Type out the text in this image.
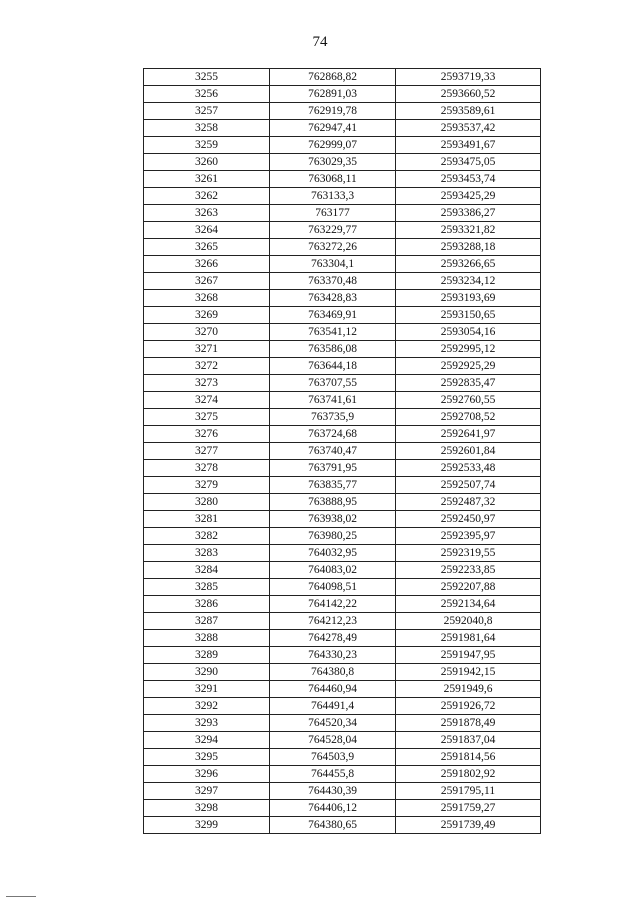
74
3255	762868,82	2593719,33
3256	762891,03	2593660,52
3257	762919,78	2593589,61
3258	762947,41	2593537,42
3259	762999,07	2593491,67
3260	763029,35	2593475,05
3261	763068,11	2593453,74
3262	763133,3	2593425,29
3263	763177	2593386,27
3264	763229,77	2593321,82
3265	763272,26	2593288,18
3266	763304,1	2593266,65
3267	763370,48	2593234,12
3268	763428,83	2593193,69
3269	763469,91	2593150,65
3270	763541,12	2593054,16
3271	763586,08	2592995,12
3272	763644,18	2592925,29
3273	763707,55	2592835,47
3274	763741,61	2592760,55
3275	763735,9	2592708,52
3276	763724,68	2592641,97
3277	763740,47	2592601,84
3278	763791,95	2592533,48
3279	763835,77	2592507,74
3280	763888,95	2592487,32
3281	763938,02	2592450,97
3282	763980,25	2592395,97
3283	764032,95	2592319,55
3284	764083,02	2592233,85
3285	764098,51	2592207,88
3286	764142,22	2592134,64
3287	764212,23	2592040,8
3288	764278,49	2591981,64
3289	764330,23	2591947,95
3290	764380,8	2591942,15
3291	764460,94	2591949,6
3292	764491,4	2591926,72
3293	764520,34	2591878,49
3294	764528,04	2591837,04
3295	764503,9	2591814,56
3296	764455,8	2591802,92
3297	764430,39	2591795,11
3298	764406,12	2591759,27
3299	764380,65	2591739,49
